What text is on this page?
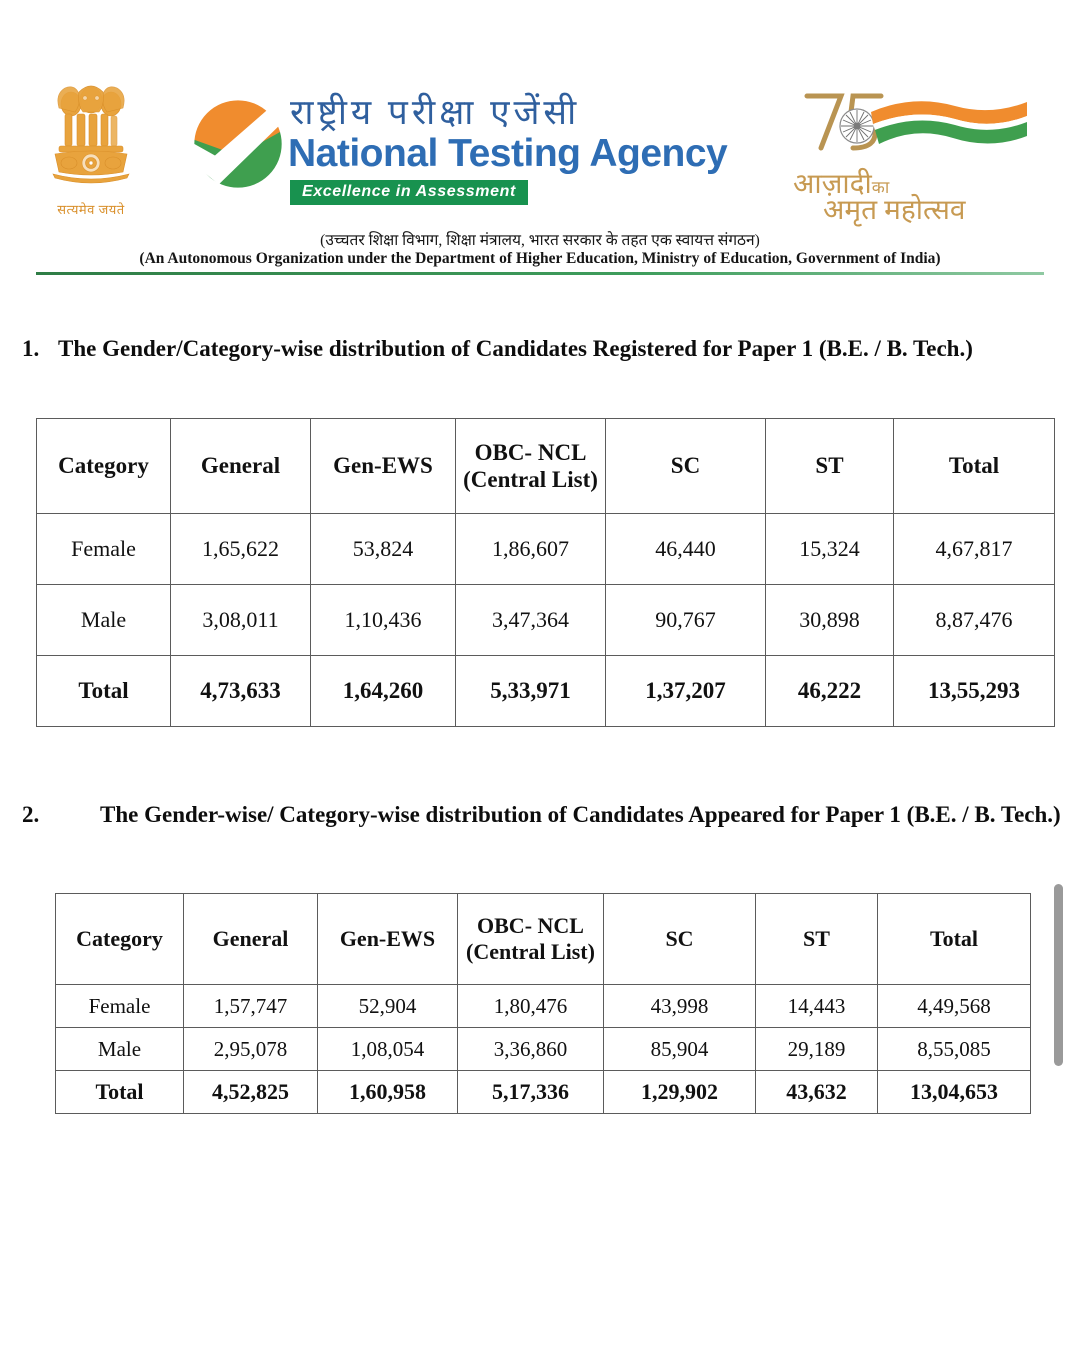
सत्यमेव जयते
राष्ट्रीय परीक्षा एजेंसी
National Testing Agency
Excellence in Assessment	आज़ादीका
अमृत महोत्सव
(उच्चतर शिक्षा विभाग, शिक्षा मंत्रालय, भारत सरकार के तहत एक स्वायत्त संगठन)
(An Autonomous Organization under the Department of Higher Education, Ministry of Education, Government of India)
1. The Gender/Category-wise distribution of Candidates Registered for Paper 1 (B.E. / B. Tech.)
Category	General	Gen-EWS	OBC- NCL (Central List)	SC	ST	Total
Female	1,65,622	53,824	1,86,607	46,440	15,324	4,67,817
Male	3,08,011	1,10,436	3,47,364	90,767	30,898	8,87,476
Total	4,73,633	1,64,260	5,33,971	1,37,207	46,222	13,55,293
2.	The Gender-wise/ Category-wise distribution of Candidates Appeared for Paper 1 (B.E. / B. Tech.)
Category	General	Gen-EWS	OBC- NCL (Central List)	SC	ST	Total
Female	1,57,747	52,904	1,80,476	43,998	14,443	4,49,568
Male	2,95,078	1,08,054	3,36,860	85,904	29,189	8,55,085
Total	4,52,825	1,60,958	5,17,336	1,29,902	43,632	13,04,653
